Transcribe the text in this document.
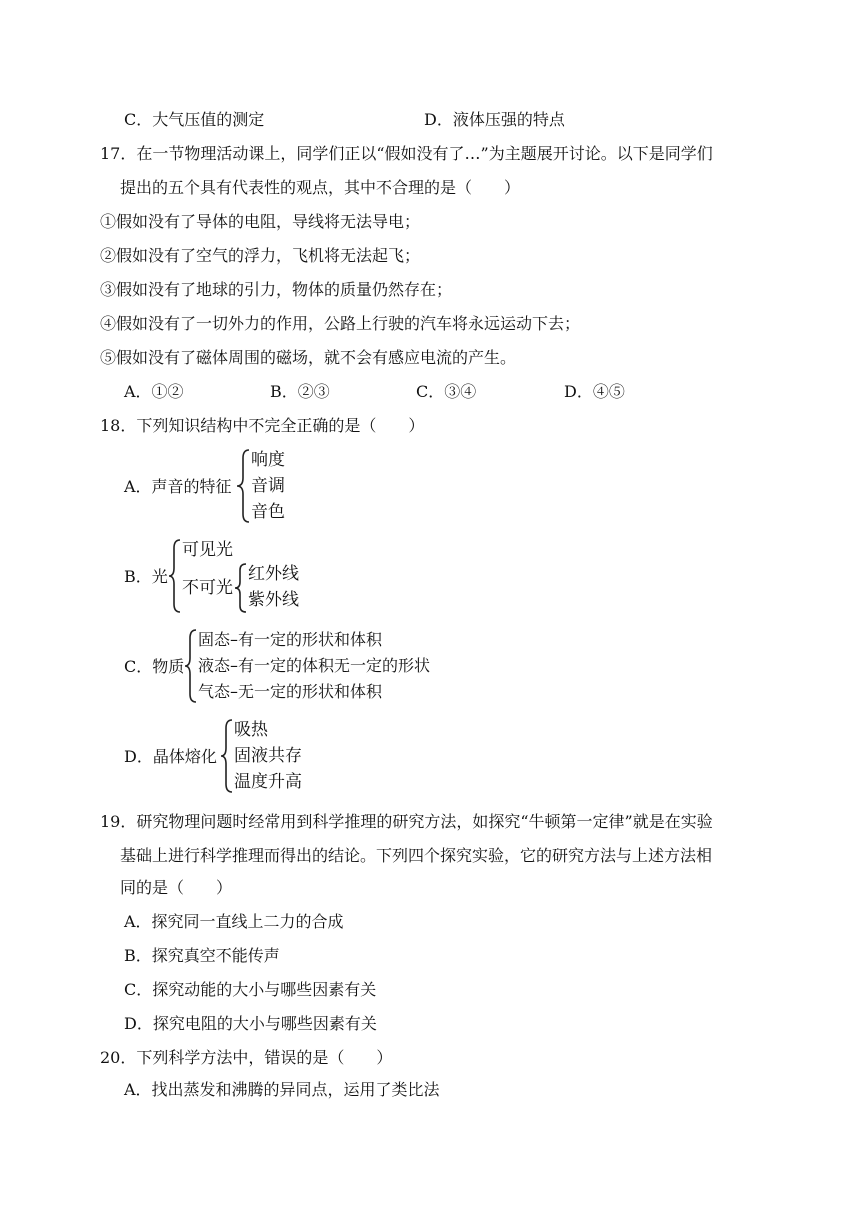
C．大气压值的测定	D．液体压强的特点
17．在一节物理活动课上，同学们正以“假如没有了…”为主题展开讨论。以下是同学们
提出的五个具有代表性的观点，其中不合理的是（　　）
①假如没有了导体的电阻，导线将无法导电；
②假如没有了空气的浮力，飞机将无法起飞；
③假如没有了地球的引力，物体的质量仍然存在；
④假如没有了一切外力的作用，公路上行驶的汽车将永远运动下去；
⑤假如没有了磁体周围的磁场，就不会有感应电流的产生。
A．①②	B．②③	C．③④	D．④⑤
18．下列知识结构中不完全正确的是（　　）
A．声音的特征
响度
音调
音色
B．光
可见光
不可光
红外线
紫外线
C．物质
固态–有一定的形状和体积
液态–有一定的体积无一定的形状
气态–无一定的形状和体积
D．晶体熔化
吸热
固液共存
温度升高
19．研究物理问题时经常用到科学推理的研究方法，如探究“牛顿第一定律”就是在实验
基础上进行科学推理而得出的结论。下列四个探究实验，它的研究方法与上述方法相
同的是（　　）
A．探究同一直线上二力的合成
B．探究真空不能传声
C．探究动能的大小与哪些因素有关
D．探究电阻的大小与哪些因素有关
20．下列科学方法中，错误的是（　　）
A．找出蒸发和沸腾的异同点，运用了类比法
